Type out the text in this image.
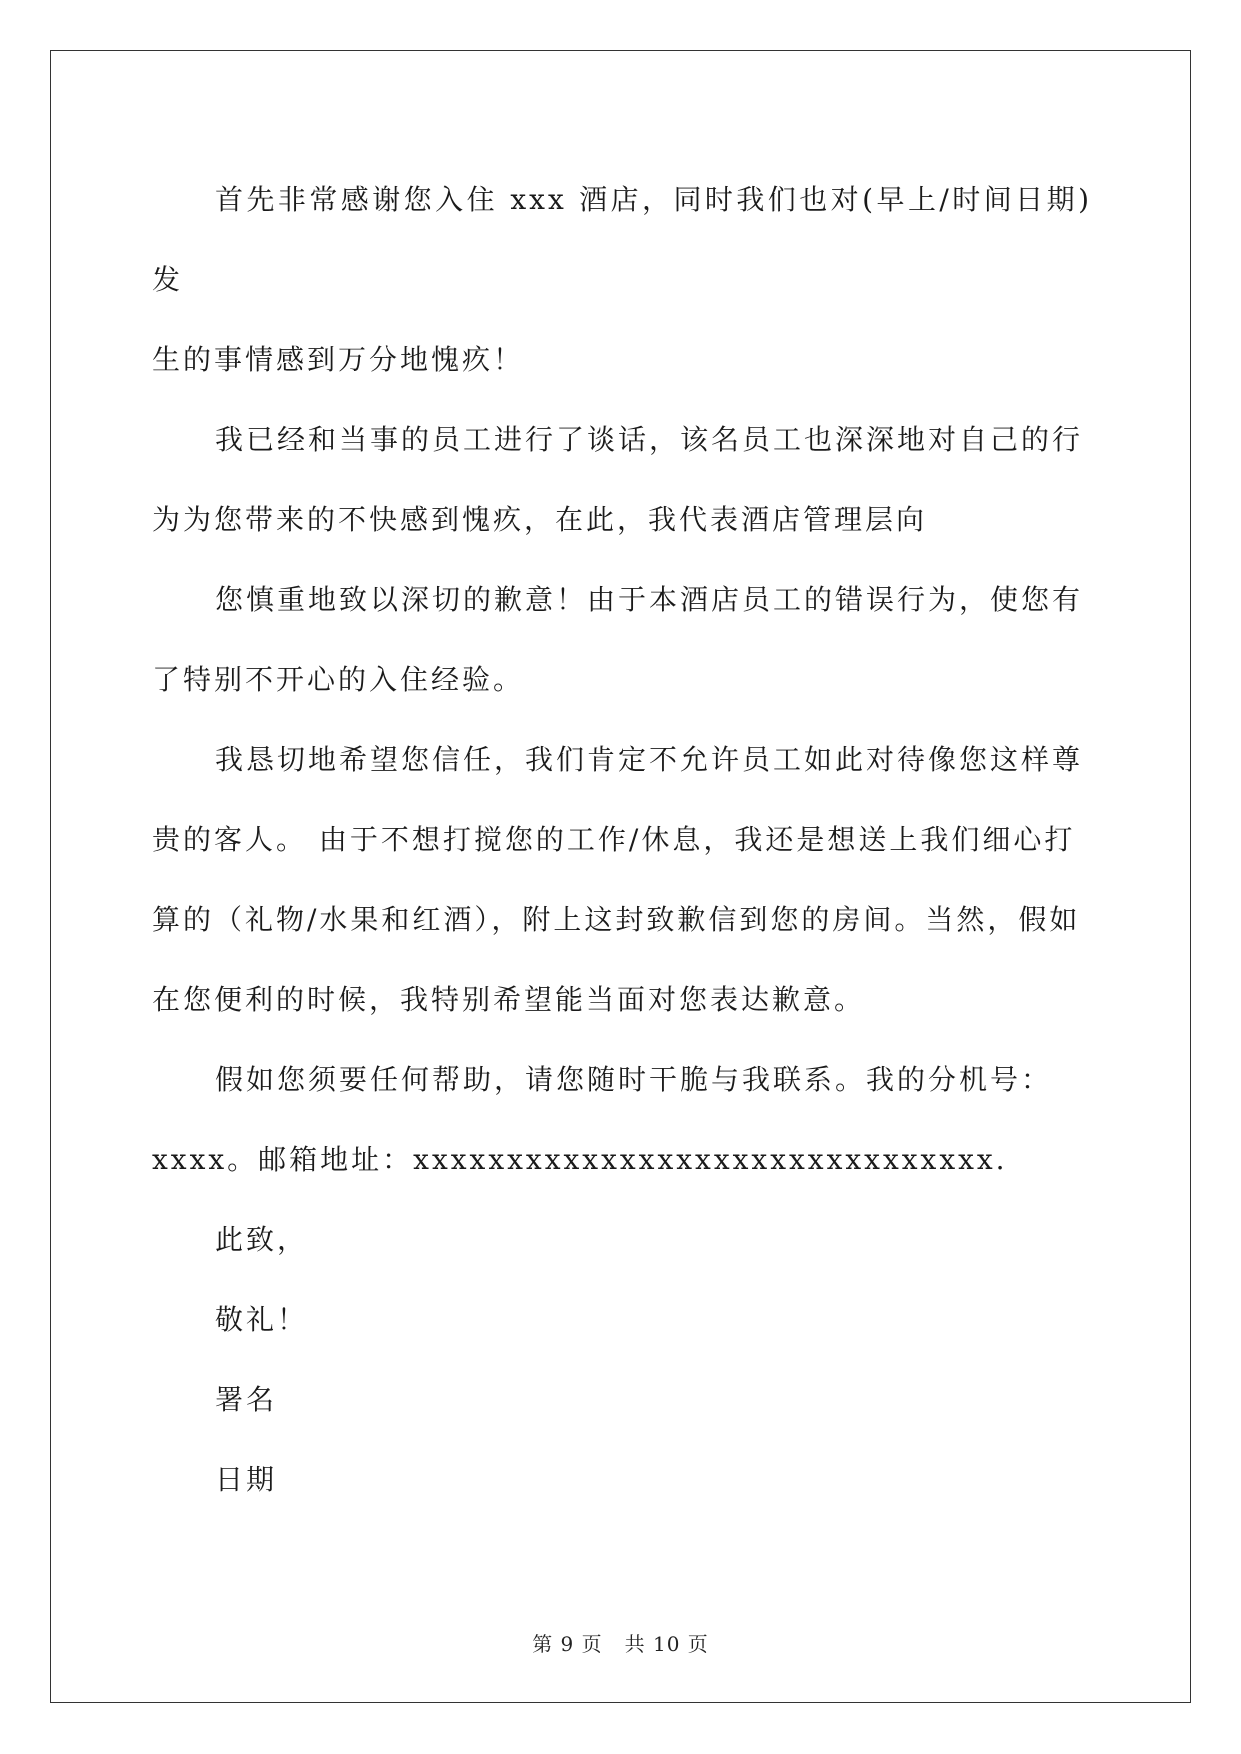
首先非常感谢您入住 xxx 酒店，同时我们也对(早上/时间日期)发
生的事情感到万分地愧疚！

我已经和当事的员工进行了谈话，该名员工也深深地对自己的行
为为您带来的不快感到愧疚，在此，我代表酒店管理层向

您慎重地致以深切的歉意！由于本酒店员工的错误行为，使您有
了特别不开心的入住经验。

我恳切地希望您信任，我们肯定不允许员工如此对待像您这样尊
贵的客人。 由于不想打搅您的工作/休息，我还是想送上我们细心打
算的（礼物/水果和红酒），附上这封致歉信到您的房间。当然，假如
在您便利的时候，我特别希望能当面对您表达歉意。

假如您须要任何帮助，请您随时干脆与我联系。我的分机号：
xxxx。邮箱地址：xxxxxxxxxxxxxxxxxxxxxxxxxxxxxxx.

此致，

敬礼！

署名

日期

第 9 页 共 10 页
